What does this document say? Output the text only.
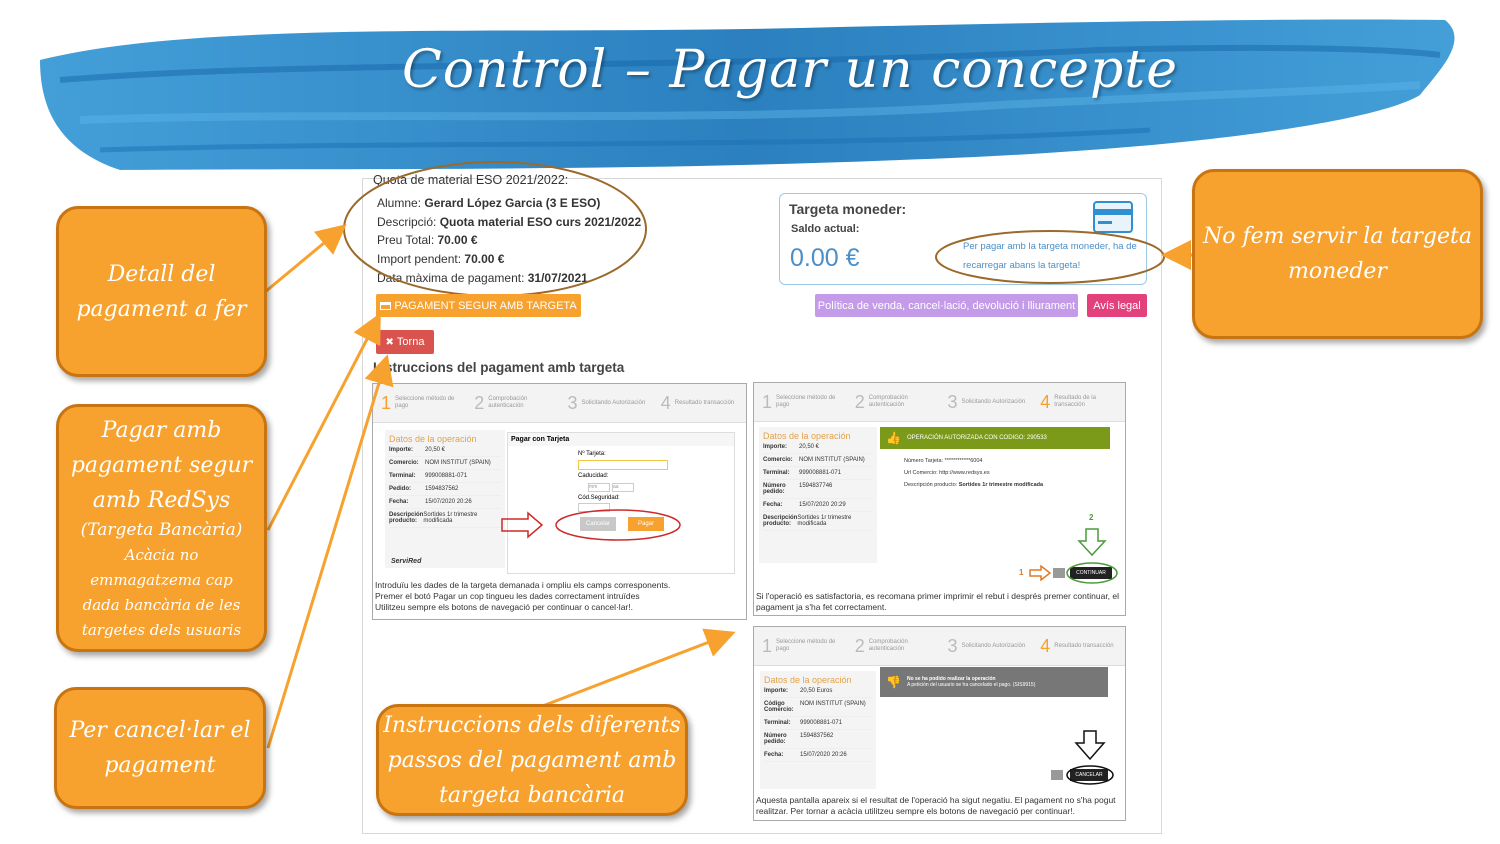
Control – Pagar un concepte
Quota de material ESO 2021/2022:
Alumne: Gerard López Garcia (3 E ESO)
Descripció: Quota material ESO curs 2021/2022
Preu Total: 70.00 €
Import pendent: 70.00 €
Data màxima de pagament: 31/07/2021
PAGAMENT SEGUR AMB TARGETA
✖ Torna
Instruccions del pagament amb targeta
Targeta moneder:
Saldo actual:
0.00 €	Per pagar amb la targeta moneder, ha de
recarregar abans la targeta!
Política de venda, cancel·lació, devolució i lliurament	Avís legal
1 Seleccione método de pago	2 Comprobación autenticación	3 Solicitando Autorización 4 Resultado transacción
Datos de la operación
Importe:	20,50 €
Comercio:	NOM INSTITUT (SPAIN)
Terminal:	999008881-071
Pedido:	1594837562
Fecha:	15/07/2020 20:26
Descripción producto:
Sortides 1r trimestre modificada
ServiRed
Pagar con Tarjeta
Nº Tarjeta:
Caducidad:
mm	aa
Cód.Seguridad:
Cancelar	Pagar
Introduïu les dades de la targeta demanada i ompliu els camps corresponents.
Premer el botó Pagar un cop tingueu les dades correctament intruïdes
Utilitzeu sempre els botons de navegació per continuar o cancel·lar!.
1 Seleccione método de pago	2 Comprobación autenticación	3 Solicitando Autorización 4 Resultado de la transacción
Datos de la operación
Importe:	20,50 €
Comercio:	NOM INSTITUT (SPAIN)
Terminal:	999008881-071
Número pedido:
1594837746
Fecha:	15/07/2020 20:29
Descripción producto:
Sortides 1r trimestre modificada
👍 OPERACIÓN AUTORIZADA CON CODIGO: 290533
Número Tarjeta: ************6004
Url Comercio: http://www.redsys.es
Descripción producto: Sortides 1r trimestre modificada
2
1	CONTINUAR
Si l'operació es satisfactoria, es recomana primer imprimir el rebut i després premer continuar, el
pagament ja s'ha fet correctament.
1 Seleccione método de pago	2 Comprobación autenticación	3 Solicitando Autorización 4 Resultado transacción
Datos de la operación
Importe:	20,50 Euros
Código Comercio:
NOM INSTITUT (SPAIN)
Terminal:	999008881-071
Número pedido:
1594837562
Fecha:	15/07/2020 20:26
👎 No se ha podido realizar la operación
A petición del usuario se ha cancelado el pago. (SIS9915)
CANCELAR
Aquesta pantalla apareix si el resultat de l'operació ha sigut negatiu. El pagament no s'ha pogut
realitzar. Per tornar a acàcia utilitzeu sempre els botons de navegació per continuar!.
Detall del
pagament a fer
Pagar amb
pagament segur
amb RedSys
(Targeta Bancària)
Acàcia no
emmagatzema cap
dada bancària de les
targetes dels usuaris
Per cancel·lar el
pagament
Instruccions dels diferents
passos del pagament amb
targeta bancària
No fem servir la targeta
moneder
